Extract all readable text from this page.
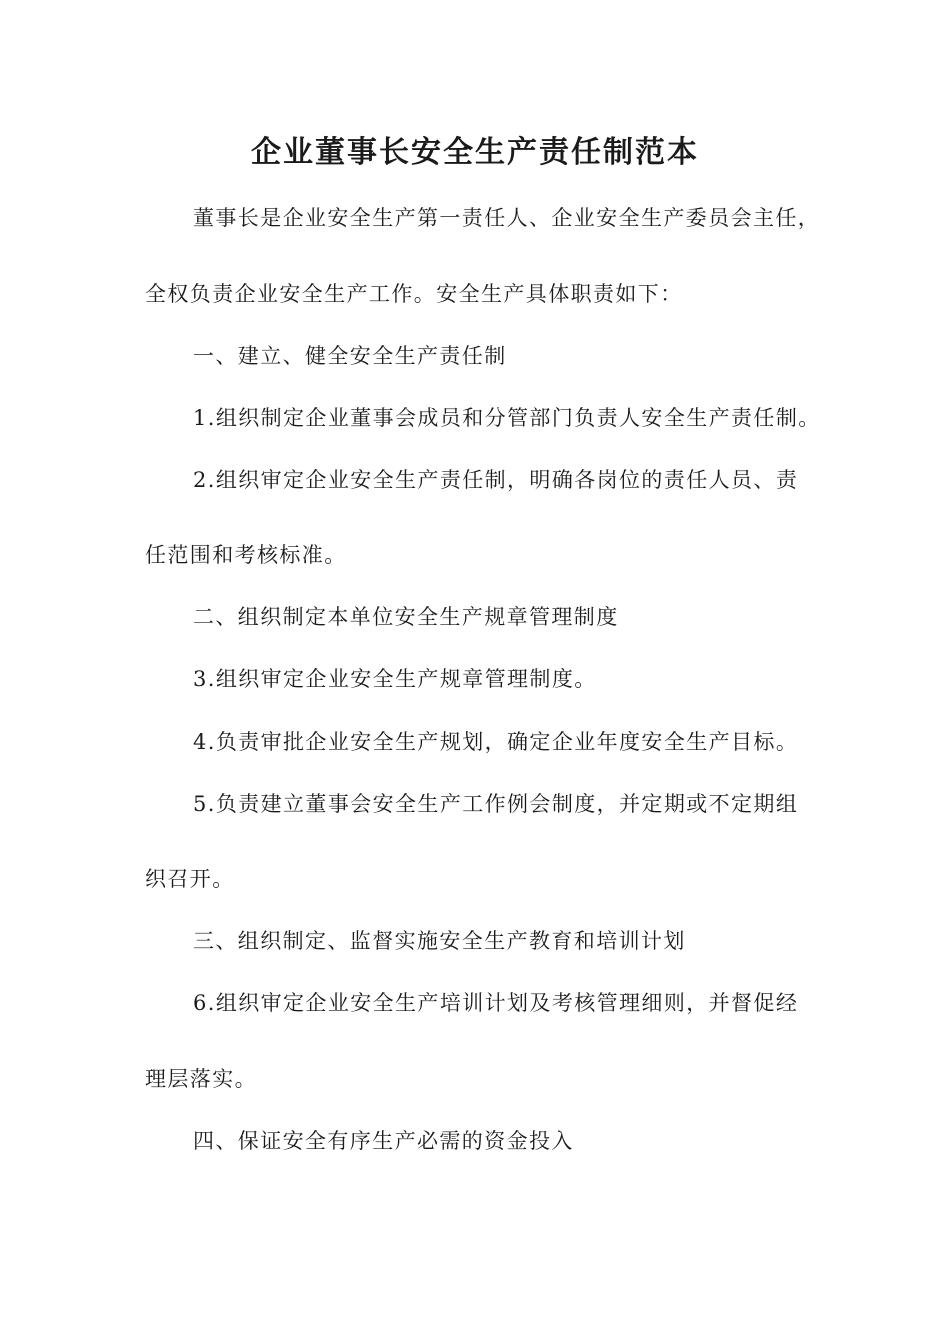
企业董事长安全生产责任制范本
董事长是企业安全生产第一责任人、企业安全生产委员会主任，
全权负责企业安全生产工作。安全生产具体职责如下：
一、建立、健全安全生产责任制
1.组织制定企业董事会成员和分管部门负责人安全生产责任制。
2.组织审定企业安全生产责任制，明确各岗位的责任人员、责
任范围和考核标准。
二、组织制定本单位安全生产规章管理制度
3.组织审定企业安全生产规章管理制度。
4.负责审批企业安全生产规划，确定企业年度安全生产目标。
5.负责建立董事会安全生产工作例会制度，并定期或不定期组
织召开。
三、组织制定、监督实施安全生产教育和培训计划
6.组织审定企业安全生产培训计划及考核管理细则，并督促经
理层落实。
四、保证安全有序生产必需的资金投入
